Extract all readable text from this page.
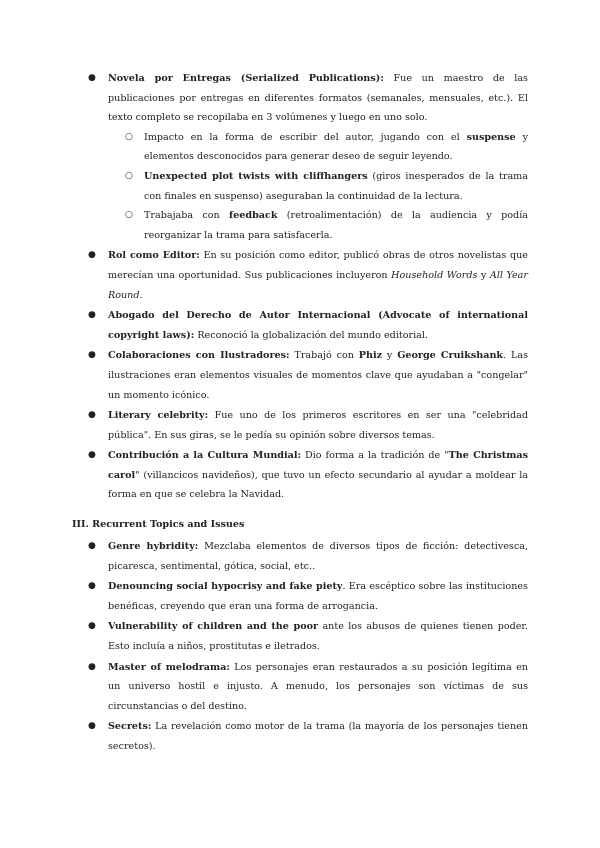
● Novela por Entregas (Serialized Publications): Fue un maestro de las publicaciones por entregas en diferentes formatos (semanales, mensuales, etc.). El texto completo se recopilaba en 3 volúmenes y luego en uno solo.
○ Impacto en la forma de escribir del autor, jugando con el suspense y elementos desconocidos para generar deseo de seguir leyendo.
○ Unexpected plot twists with cliffhangers (giros inesperados de la trama con finales en suspenso) aseguraban la continuidad de la lectura.
○ Trabajaba con feedback (retroalimentación) de la audiencia y podía reorganizar la trama para satisfacerla.
● Rol como Editor: En su posición como editor, publicó obras de otros novelistas que merecían una oportunidad. Sus publicaciones incluyeron Household Words y All Year Round.
● Abogado del Derecho de Autor Internacional (Advocate of international copyright laws): Reconoció la globalización del mundo editorial.
● Colaboraciones con Ilustradores: Trabajó con Phiz y George Cruikshank. Las ilustraciones eran elementos visuales de momentos clave que ayudaban a "congelar" un momento icónico.
● Literary celebrity: Fue uno de los primeros escritores en ser una "celebridad pública". En sus giras, se le pedía su opinión sobre diversos temas.
● Contribución a la Cultura Mundial: Dio forma a la tradición de "The Christmas carol" (villancicos navideños), que tuvo un efecto secundario al ayudar a moldear la forma en que se celebra la Navidad.
III. Recurrent Topics and Issues
● Genre hybridity: Mezclaba elementos de diversos tipos de ficción: detectivesca, picaresca, sentimental, gótica, social, etc..
● Denouncing social hypocrisy and fake piety. Era escéptico sobre las instituciones benéficas, creyendo que eran una forma de arrogancia.
● Vulnerability of children and the poor ante los abusos de quienes tienen poder. Esto incluía a niños, prostitutas e iletrados.
● Master of melodrama: Los personajes eran restaurados a su posición legítima en un universo hostil e injusto. A menudo, los personajes son víctimas de sus circunstancias o del destino.
● Secrets: La revelación como motor de la trama (la mayoría de los personajes tienen secretos).
